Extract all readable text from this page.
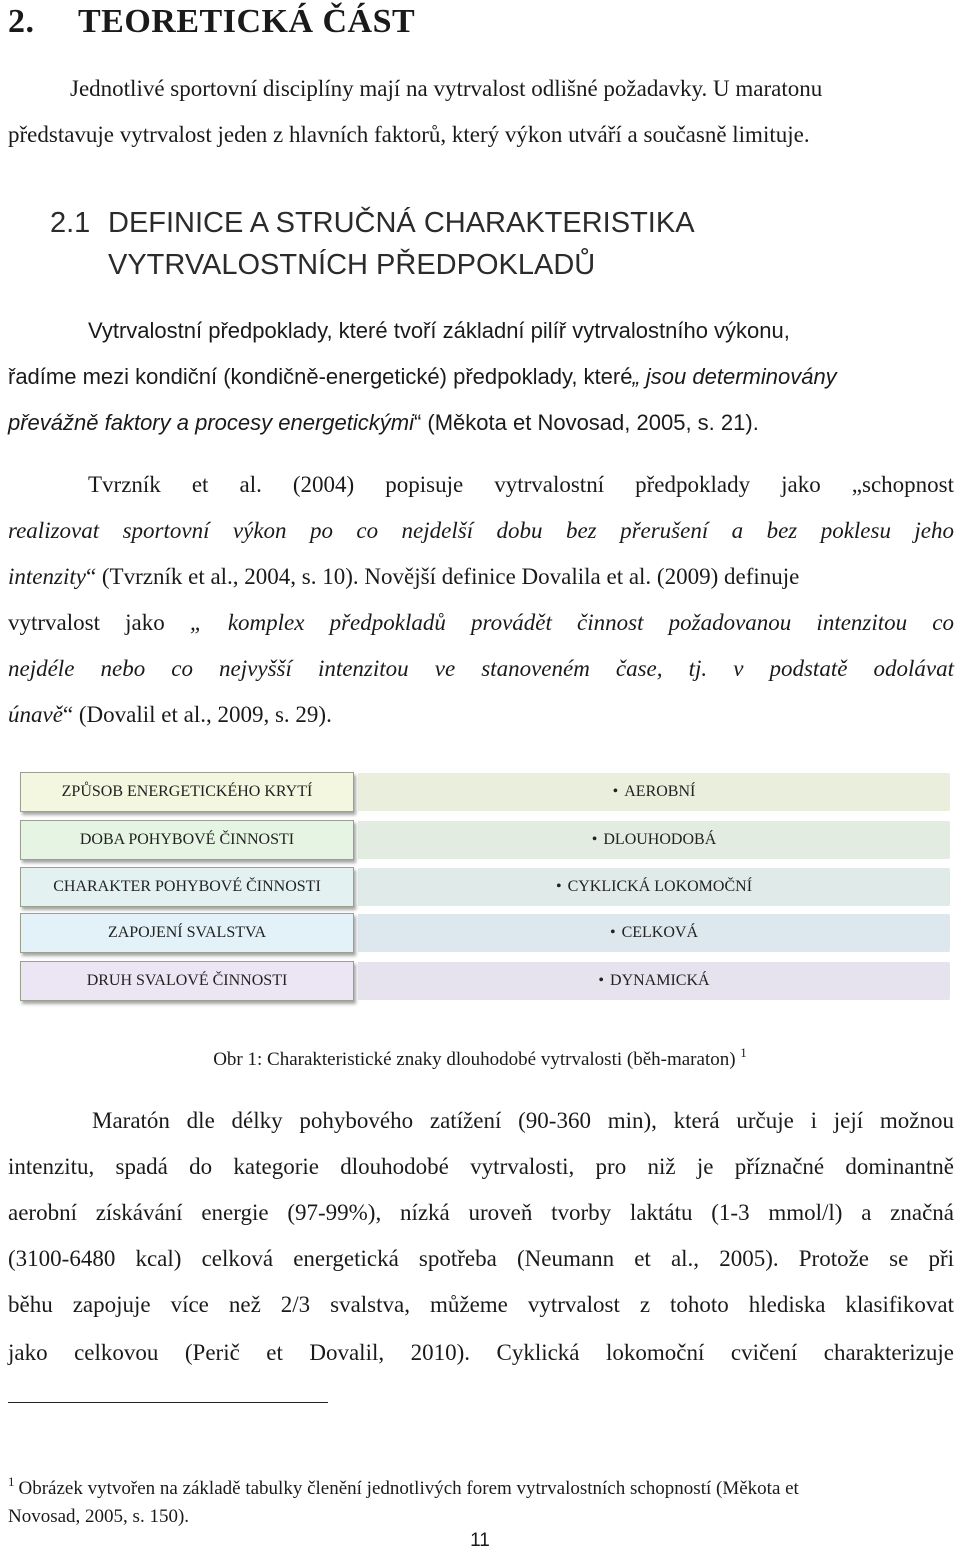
2. TEORETICKÁ ČÁST
Jednotlivé sportovní disciplíny mají na vytrvalost odlišné požadavky. U maratonu
představuje vytrvalost jeden z hlavních faktorů, který výkon utváří a současně limituje.
2.1 DEFINICE A STRUČNÁ CHARAKTERISTIKA
VYTRVALOSTNÍCH PŘEDPOKLADŮ
Vytrvalostní předpoklady, které tvoří základní pilíř vytrvalostního výkonu,
řadíme mezi kondiční (kondičně-energetické) předpoklady, které„ jsou determinovány
převážně faktory a procesy energetickými“ (Měkota et Novosad, 2005, s. 21).
Tvrzník et al. (2004) popisuje vytrvalostní předpoklady jako „schopnost
realizovat sportovní výkon po co nejdelší dobu bez přerušení a bez poklesu jeho
intenzity“ (Tvrzník et al., 2004, s. 10). Novější definice Dovalila et al. (2009) definuje
vytrvalost jako „ komplex předpokladů provádět činnost požadovanou intenzitou co
nejdéle nebo co nejvyšší intenzitou ve stanoveném čase, tj. v podstatě odolávat
únavě“ (Dovalil et al., 2009, s. 29).
• AEROBNÍ
ZPŮSOB ENERGETICKÉHO KRYTÍ
• DLOUHODOBÁ
DOBA POHYBOVÉ ČINNOSTI
• CYKLICKÁ LOKOMOČNÍ
CHARAKTER POHYBOVÉ ČINNOSTI
• CELKOVÁ
ZAPOJENÍ SVALSTVA
• DYNAMICKÁ
DRUH SVALOVÉ ČINNOSTI
Obr 1: Charakteristické znaky dlouhodobé vytrvalosti (běh-maraton) $^1$
Maratón dle délky pohybového zatížení (90-360 min), která určuje i její možnou
intenzitu, spadá do kategorie dlouhodobé vytrvalosti, pro niž je příznačné dominantně
aerobní získávání energie (97-99%), nízká uroveň tvorby laktátu (1-3 mmol/l) a značná
(3100-6480 kcal) celková energetická spotřeba (Neumann et al., 2005). Protože se při
běhu zapojuje více než 2/3 svalstva, můžeme vytrvalost z tohoto hlediska klasifikovat
jako celkovou (Perič et Dovalil, 2010). Cyklická lokomoční cvičení charakterizuje
$^1$ Obrázek vytvořen na základě tabulky členění jednotlivých forem vytrvalostních schopností (Měkota et
Novosad, 2005, s. 150).
11
